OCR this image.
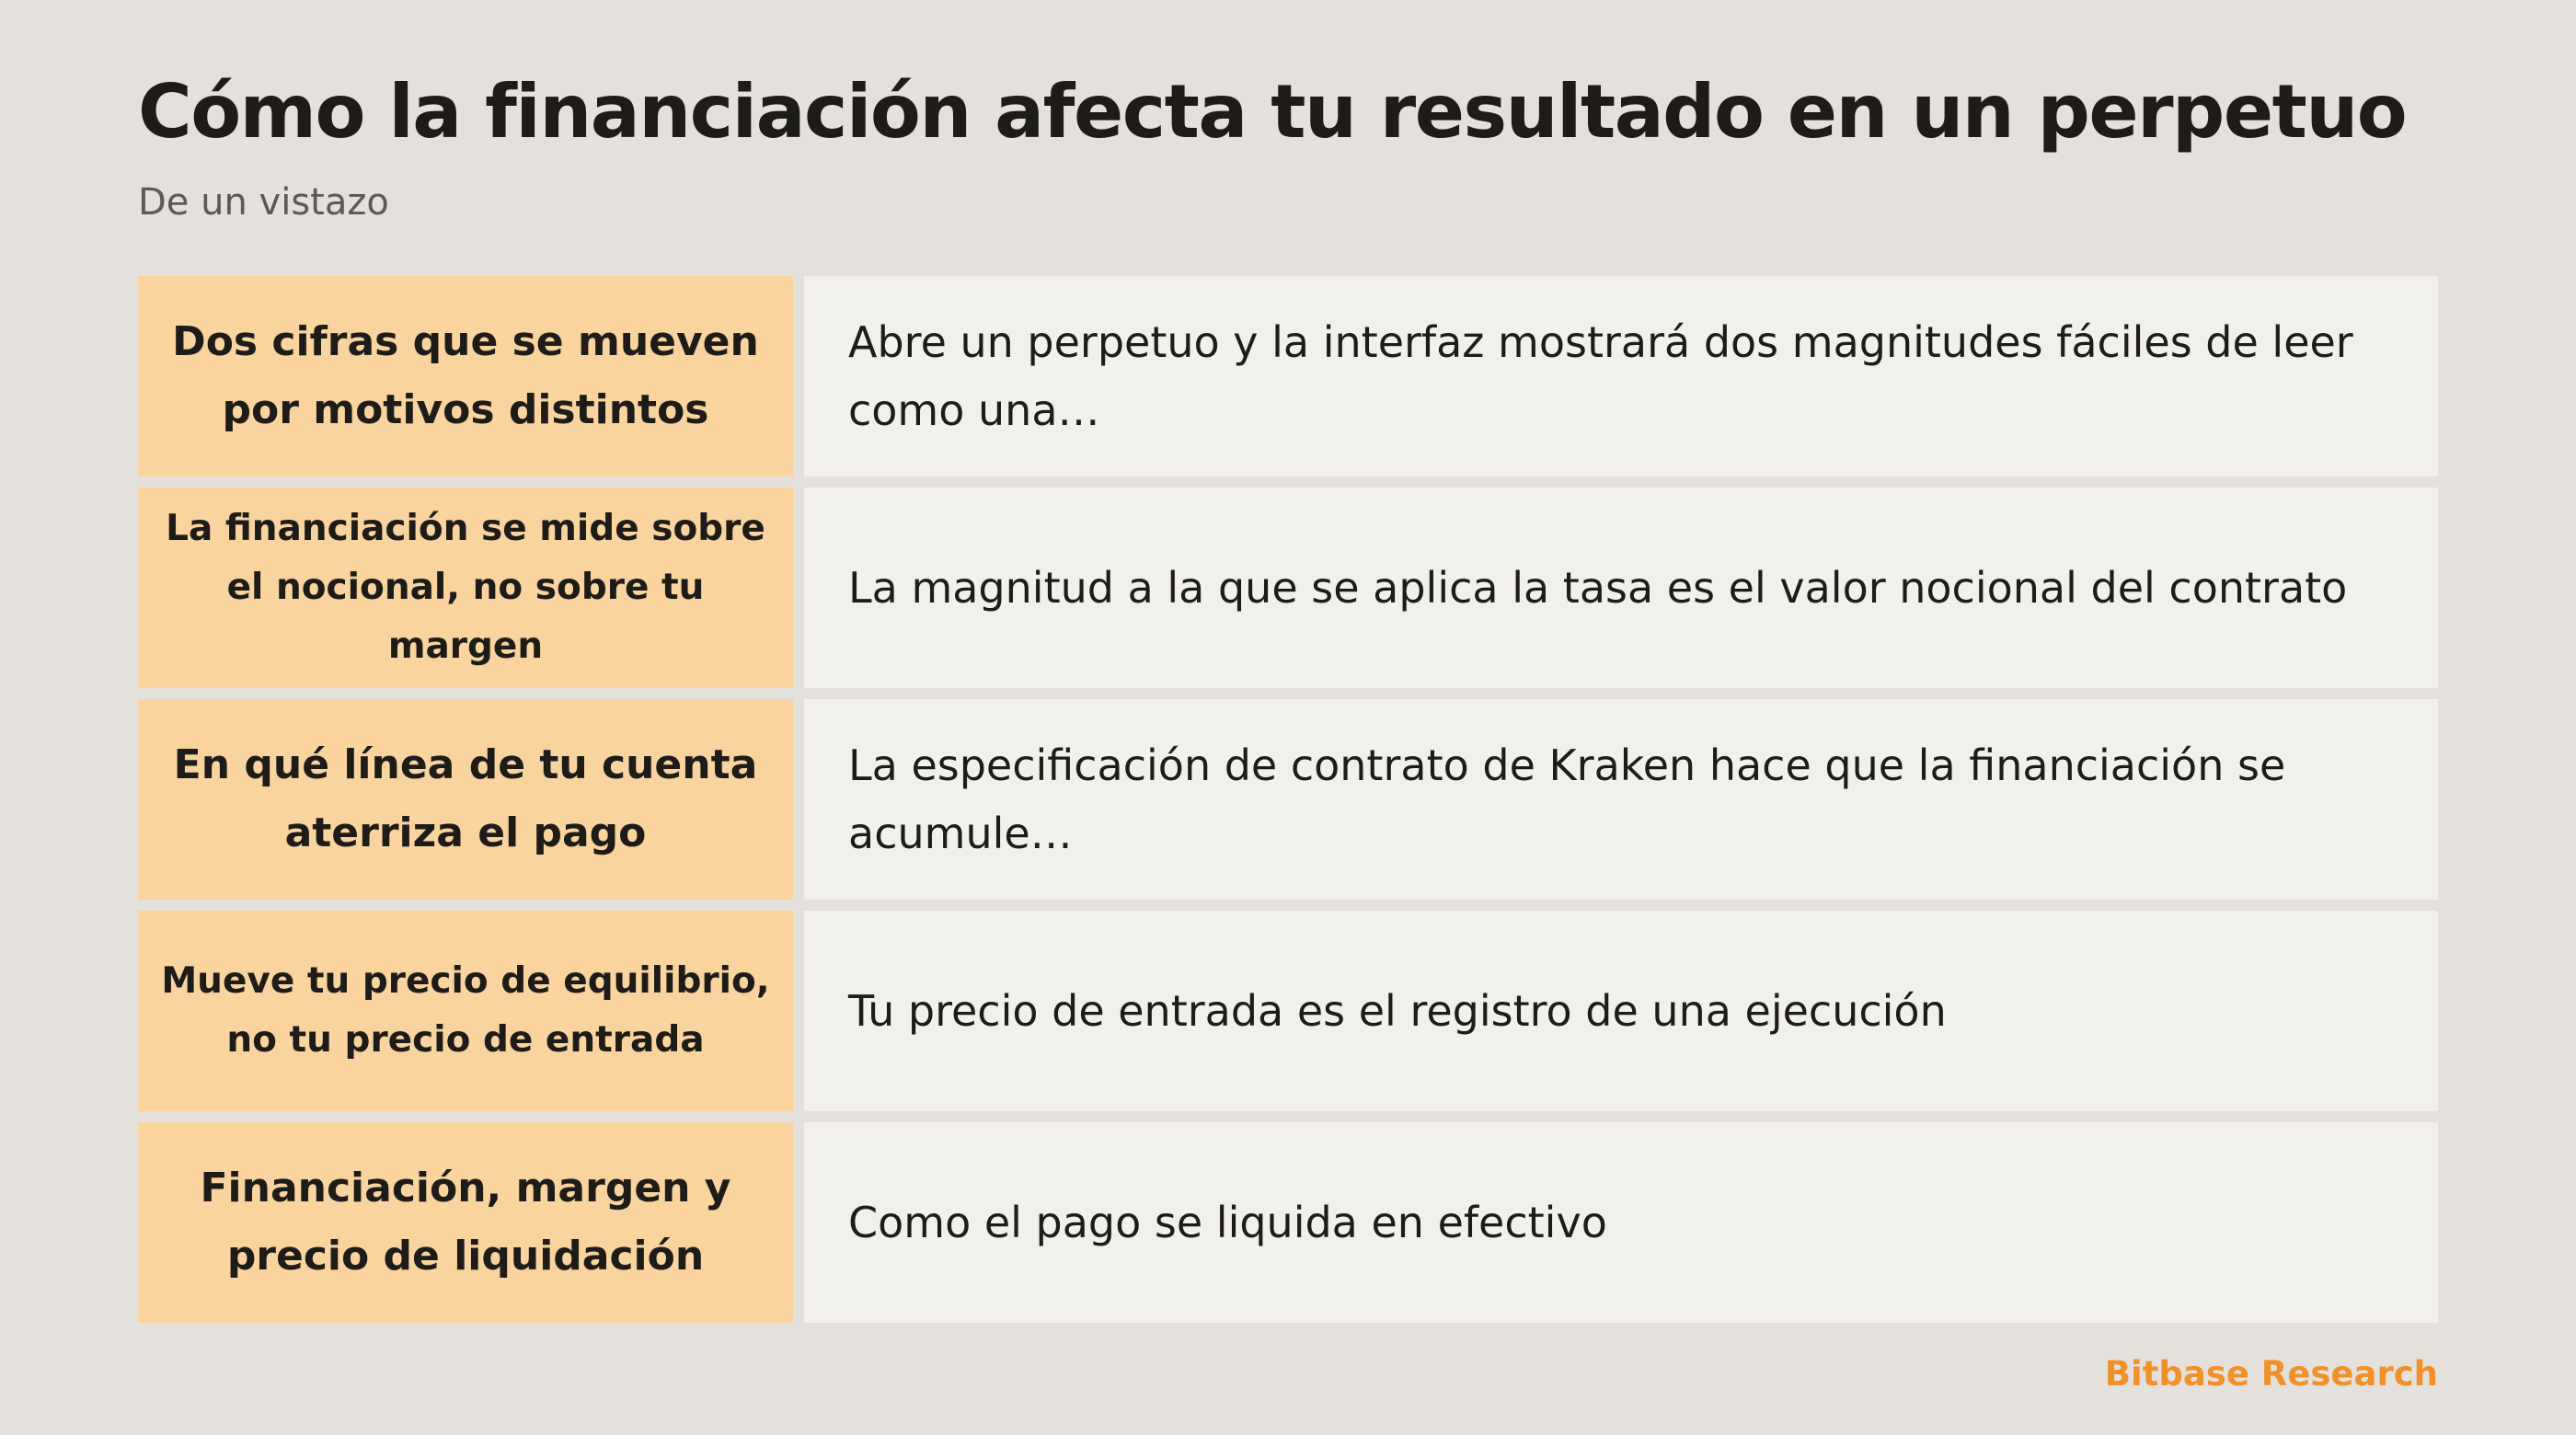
Cómo la financiación afecta tu resultado en un perpetuo
De un vistazo
Dos cifras que se mueven por motivos distintos
Abre un perpetuo y la interfaz mostrará dos magnitudes fáciles de leer como una…
La financiación se mide sobre el nocional, no sobre tu margen
La magnitud a la que se aplica la tasa es el valor nocional del contrato
En qué línea de tu cuenta aterriza el pago
La especificación de contrato de Kraken hace que la financiación se acumule…
Mueve tu precio de equilibrio, no tu precio de entrada
Tu precio de entrada es el registro de una ejecución
Financiación, margen y precio de liquidación
Como el pago se liquida en efectivo
Bitbase Research
